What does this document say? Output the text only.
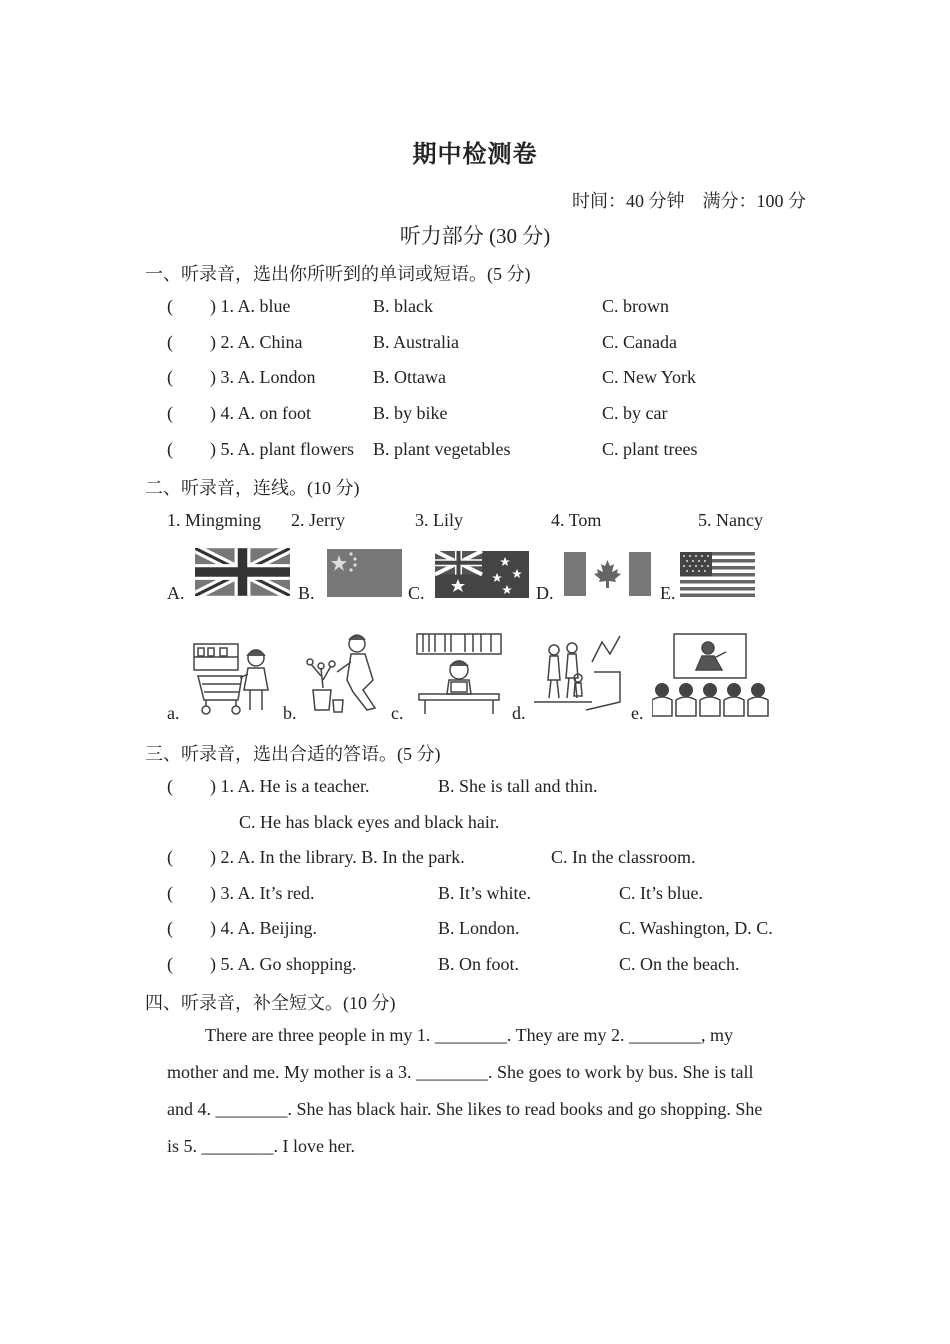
期中检测卷
时间：40 分钟　满分：100 分
听力部分 (30 分)
一、听录音，选出你所听到的单词或短语。(5 分)
( ) 1. A. blue	B. black	C. brown
( ) 2. A. China	B. Australia	C. Canada
( ) 3. A. London	B. Ottawa	C. New York
( ) 4. A. on foot	B. by bike	C. by car
( ) 5. A. plant flowers B. plant vegetables	C. plant trees
二、听录音，连线。(10 分)
1. Mingming 2. Jerry	3. Lily	4. Tom	5. Nancy
A.	B.	C.	D.	E.
a.	b.	c.	d.	e.
三、听录音，选出合适的答语。(5 分)
( ) 1. A. He is a teacher.	B. She is tall and thin.
C. He has black eyes and black hair.
( ) 2. A. In the library. B. In the park.	C. In the classroom.
( ) 3. A. It’s red.	B. It’s white.	C. It’s blue.
( ) 4. A. Beijing.	B. London.	C. Washington, D. C.
( ) 5. A. Go shopping.	B. On foot.	C. On the beach.
四、听录音，补全短文。(10 分)

There are three people in my 1. ________. They are my 2. ________, my

mother and me. My mother is a 3. ________. She goes to work by bus. She is tall

and 4. ________. She has black hair. She likes to read books and go shopping. She

is 5. ________. I love her.
